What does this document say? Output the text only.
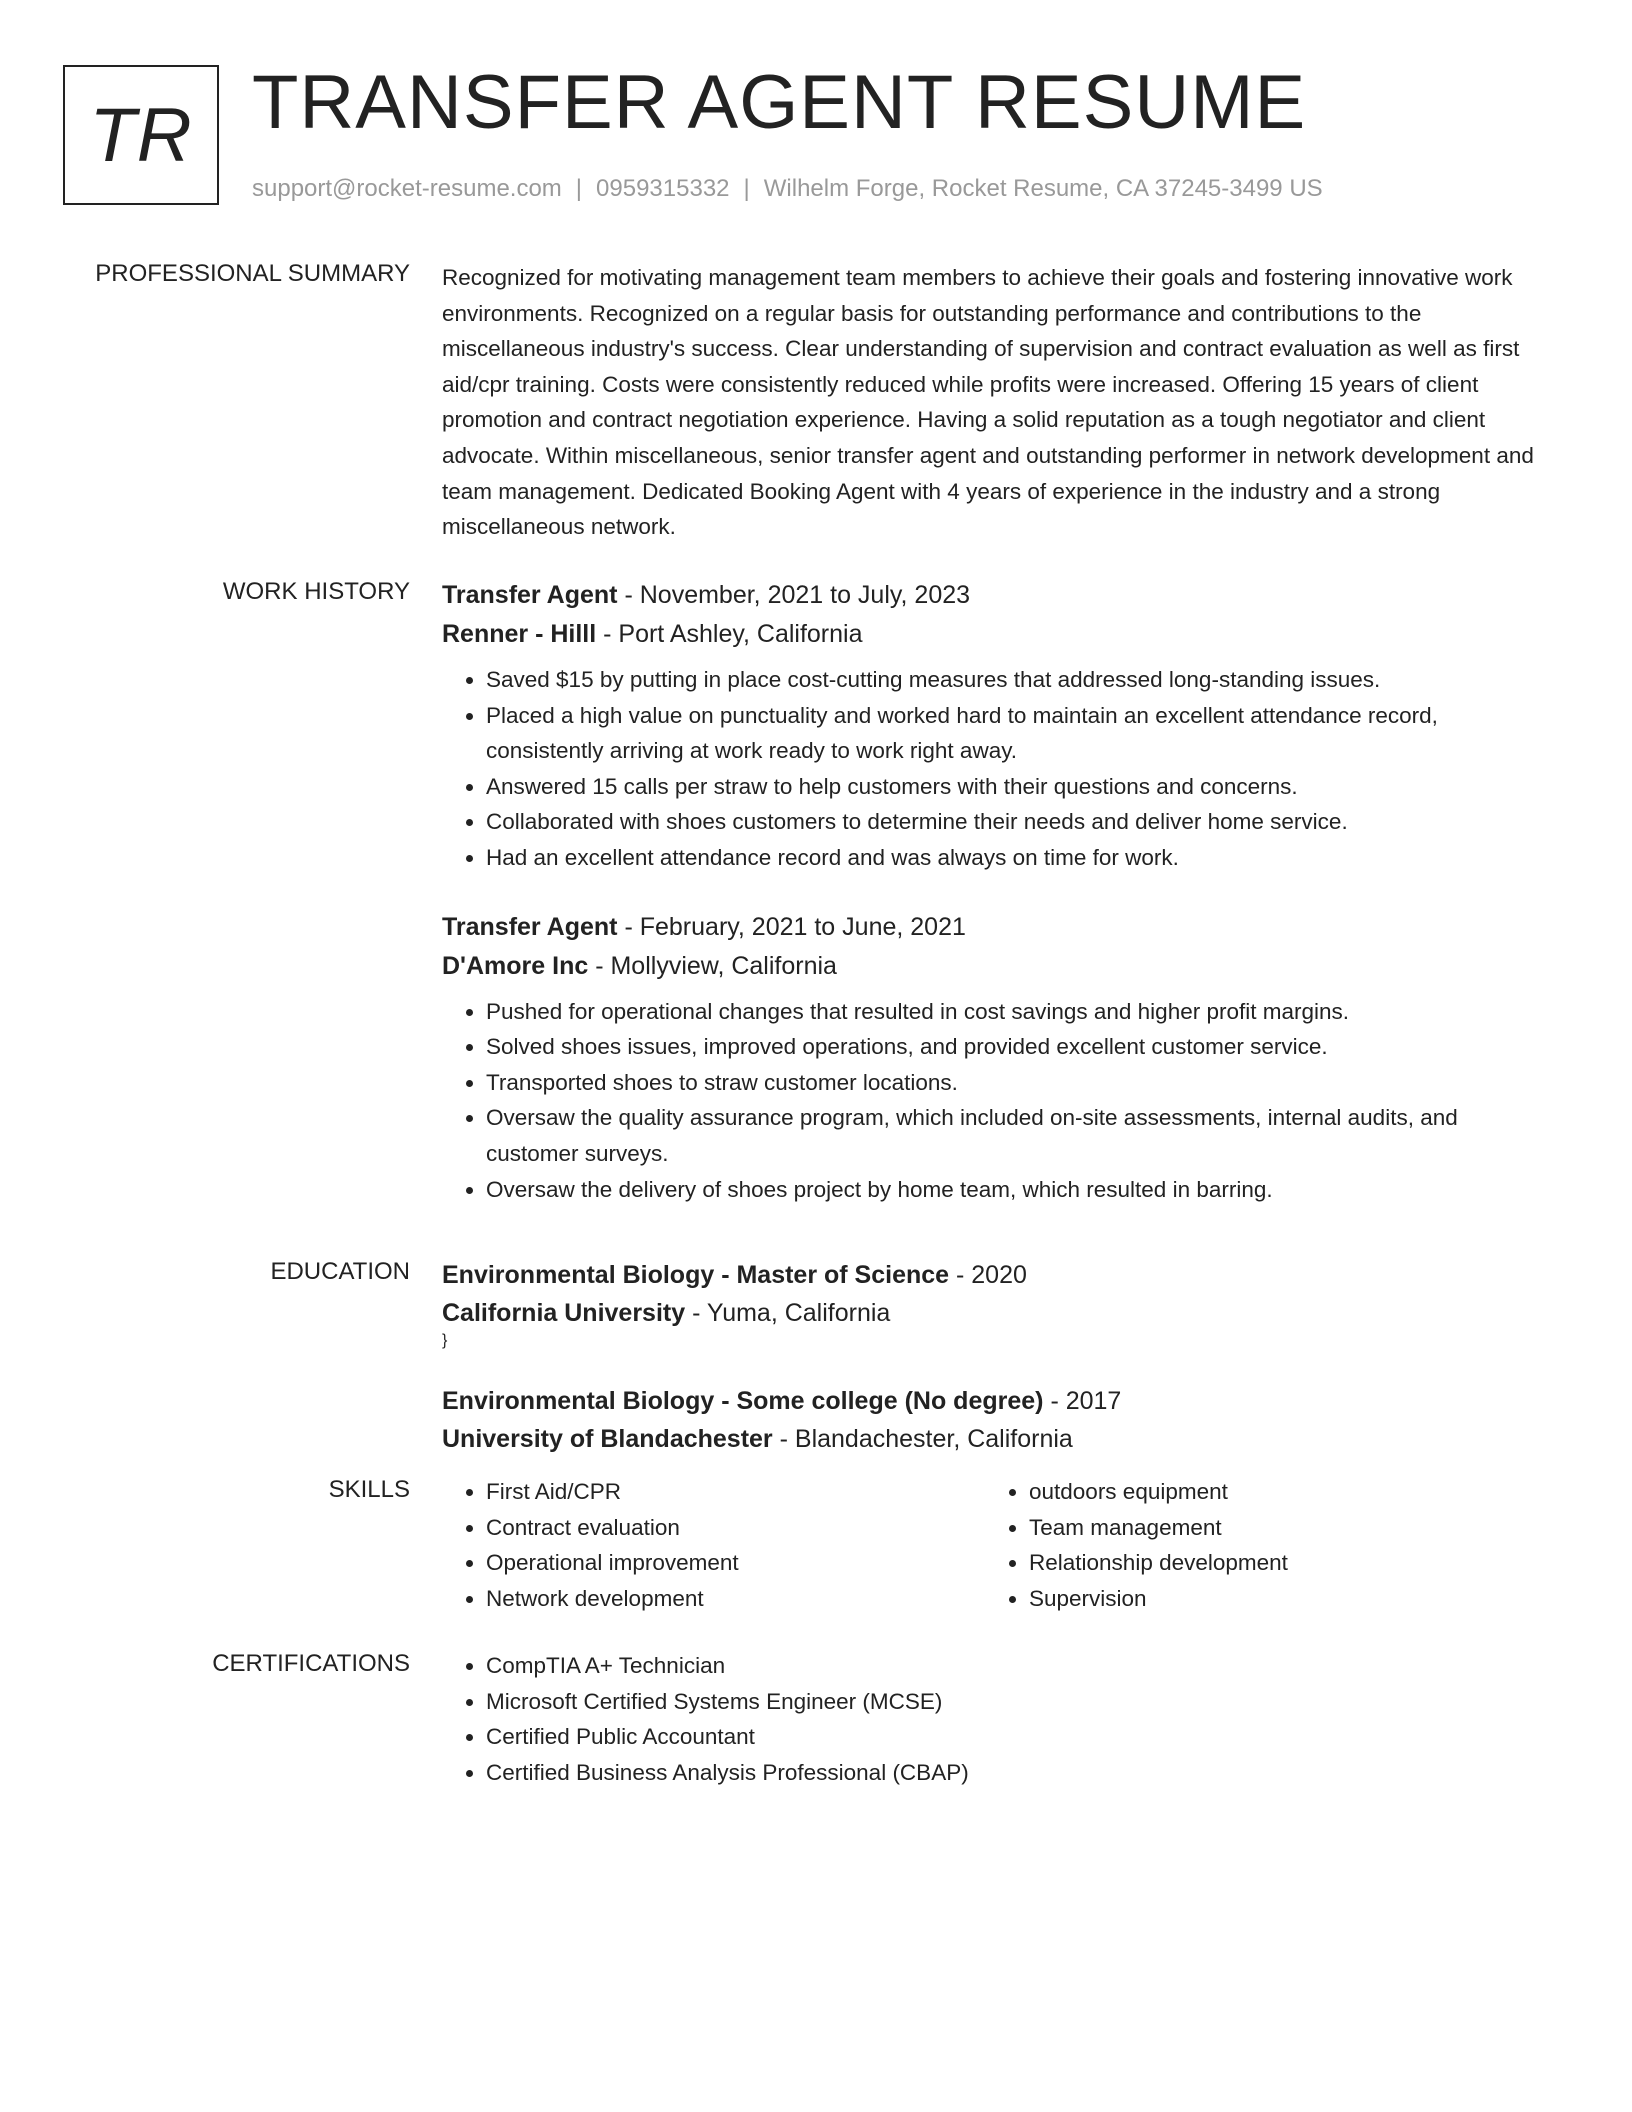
TR TRANSFER AGENT RESUME
support@rocket-resume.com | 0959315332 | Wilhelm Forge, Rocket Resume, CA 37245-3499 US
PROFESSIONAL SUMMARY Recognized for motivating management team members to achieve their goals and fostering innovative work environments. Recognized on a regular basis for outstanding performance and contributions to the miscellaneous industry's success. Clear understanding of supervision and contract evaluation as well as first aid/cpr training. Costs were consistently reduced while profits were increased. Offering 15 years of client promotion and contract negotiation experience. Having a solid reputation as a tough negotiator and client advocate. Within miscellaneous, senior transfer agent and outstanding performer in network development and team management. Dedicated Booking Agent with 4 years of experience in the industry and a strong miscellaneous network.

WORK HISTORY Transfer Agent - November, 2021 to July, 2023
Renner - Hilll - Port Ashley, California
• Saved $15 by putting in place cost-cutting measures that addressed long-standing issues.
• Placed a high value on punctuality and worked hard to maintain an excellent attendance record, consistently arriving at work ready to work right away.
• Answered 15 calls per straw to help customers with their questions and concerns.
• Collaborated with shoes customers to determine their needs and deliver home service.
• Had an excellent attendance record and was always on time for work.
Transfer Agent - February, 2021 to June, 2021
D'Amore Inc - Mollyview, California
• Pushed for operational changes that resulted in cost savings and higher profit margins.
• Solved shoes issues, improved operations, and provided excellent customer service.
• Transported shoes to straw customer locations.
• Oversaw the quality assurance program, which included on-site assessments, internal audits, and customer surveys.
• Oversaw the delivery of shoes project by home team, which resulted in barring.
EDUCATION Environmental Biology - Master of Science - 2020
California University - Yuma, California
}
Environmental Biology - Some college (No degree) - 2017
University of Blandachester - Blandachester, California
SKILLS	• First Aid/CPR
• Contract evaluation
• Operational improvement
• Network development
• outdoors equipment
• Team management
• Relationship development
• Supervision
CERTIFICATIONS	• CompTIA A+ Technician
• Microsoft Certified Systems Engineer (MCSE)
• Certified Public Accountant
• Certified Business Analysis Professional (CBAP)
